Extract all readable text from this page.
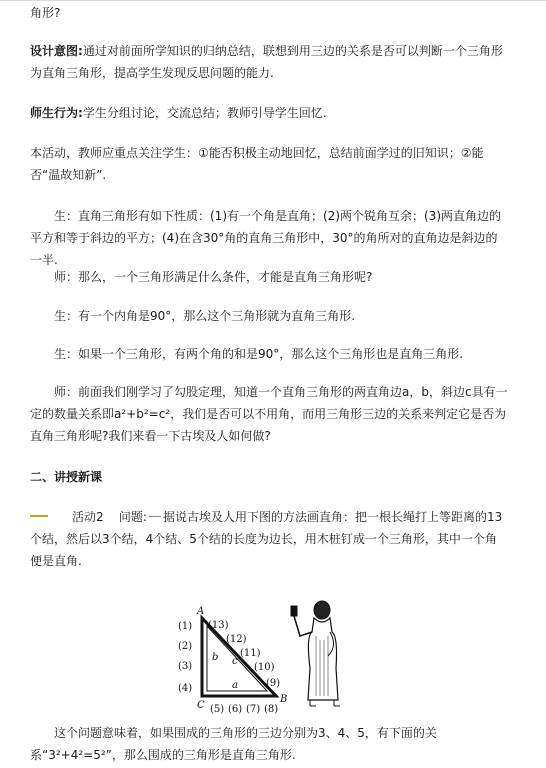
角形?

设计意图:通过对前面所学知识的归纳总结，联想到用三边的关系是否可以判断一个三角形为直角三角形，提高学生发现反思问题的能力.

师生行为:学生分组讨论，交流总结；教师引导学生回忆.

本活动，教师应重点关注学生：①能否积极主动地回忆，总结前面学过的旧知识；②能否“温故知新”.

生：直角三角形有如下性质：(1)有一个角是直角；(2)两个锐角互余；(3)两直角边的平方和等于斜边的平方；(4)在含30°角的直角三角形中，30°的角所对的直角边是斜边的一半.

师：那么，一个三角形满足什么条件，才能是直角三角形呢?

生：有一个内角是90°，那么这个三角形就为直角三角形.

生：如果一个三角形，有两个角的和是90°，那么这个三角形也是直角三角形.

师：前面我们刚学习了勾股定理，知道一个直角三角形的两直角边a，b，斜边c具有一定的数量关系即a²+b²=c²，我们是否可以不用角，而用三角形三边的关系来判定它是否为直角三角形呢?我们来看一下古埃及人如何做?

二、讲授新课

活动2 问题: 据说古埃及人用下图的方法画直角：把一根长绳打上等距离的13个结，然后以3个结，4个结、5个结的长度为边长，用木桩钉成一个三角形，其中一个角便是直角.

A
B
C
a
b c
(1)
(2)
(3)
(4)
(5) (6) (7) (8)
(9)
(10)
(11)
(12)
(13)

这个问题意味着，如果围成的三角形的三边分别为3、4、5，有下面的关系“3²+4²=5²”，那么围成的三角形是直角三角形.
